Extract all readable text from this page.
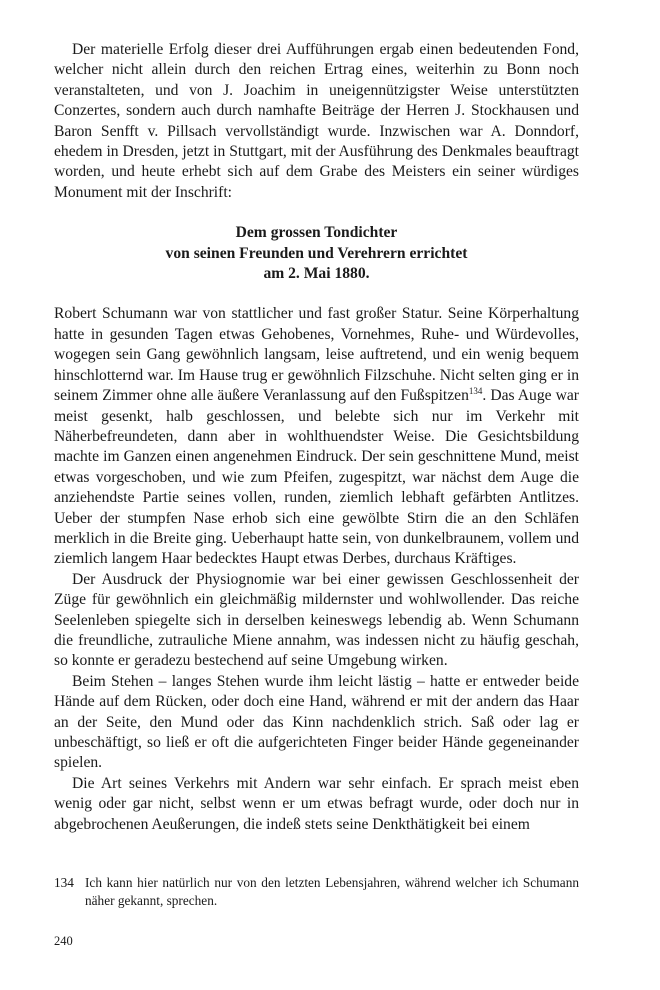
Der materielle Erfolg dieser drei Aufführungen ergab einen bedeutenden Fond, welcher nicht allein durch den reichen Ertrag eines, weiterhin zu Bonn noch veranstalteten, und von J. Joachim in uneigennützigster Weise unterstützten Conzertes, sondern auch durch namhafte Beiträge der Herren J. Stockhausen und Baron Senfft v. Pillsach vervollständigt wurde. Inzwischen war A. Donndorf, ehedem in Dresden, jetzt in Stuttgart, mit der Ausführung des Denkmales beauftragt worden, und heute erhebt sich auf dem Grabe des Meisters ein seiner würdiges Monument mit der Inschrift:

Dem grossen Tondichter
von seinen Freunden und Verehrern errichtet
am 2. Mai 1880.

Robert Schumann war von stattlicher und fast großer Statur. Seine Körperhaltung hatte in gesunden Tagen etwas Gehobenes, Vornehmes, Ruhe- und Würdevolles, wogegen sein Gang gewöhnlich langsam, leise auftretend, und ein wenig bequem hinschlotternd war. Im Hause trug er gewöhnlich Filzschuhe. Nicht selten ging er in seinem Zimmer ohne alle äußere Veranlassung auf den Fußspitzen$^{134}$. Das Auge war meist gesenkt, halb geschlossen, und belebte sich nur im Verkehr mit Näherbefreundeten, dann aber in wohlthuendster Weise. Die Gesichtsbildung machte im Ganzen einen angenehmen Eindruck. Der sein geschnittene Mund, meist etwas vorgeschoben, und wie zum Pfeifen, zugespitzt, war nächst dem Auge die anziehendste Partie seines vollen, runden, ziemlich lebhaft gefärbten Antlitzes. Ueber der stumpfen Nase erhob sich eine gewölbte Stirn die an den Schläfen merklich in die Breite ging. Ueberhaupt hatte sein, von dunkelbraunem, vollem und ziemlich langem Haar bedecktes Haupt etwas Derbes, durchaus Kräftiges.

Der Ausdruck der Physiognomie war bei einer gewissen Geschlossenheit der Züge für gewöhnlich ein gleichmäßig mildernster und wohlwollender. Das reiche Seelenleben spiegelte sich in derselben keineswegs lebendig ab. Wenn Schumann die freundliche, zutrauliche Miene annahm, was indessen nicht zu häufig geschah, so konnte er geradezu bestechend auf seine Umgebung wirken.

Beim Stehen – langes Stehen wurde ihm leicht lästig – hatte er entweder beide Hände auf dem Rücken, oder doch eine Hand, während er mit der andern das Haar an der Seite, den Mund oder das Kinn nachdenklich strich. Saß oder lag er unbeschäftigt, so ließ er oft die aufgerichteten Finger beider Hände gegeneinander spielen.

Die Art seines Verkehrs mit Andern war sehr einfach. Er sprach meist eben wenig oder gar nicht, selbst wenn er um etwas befragt wurde, oder doch nur in abgebrochenen Aeußerungen, die indeß stets seine Denkthätigkeit bei einem

134 Ich kann hier natürlich nur von den letzten Lebensjahren, während welcher ich Schumann näher gekannt, sprechen.
240
